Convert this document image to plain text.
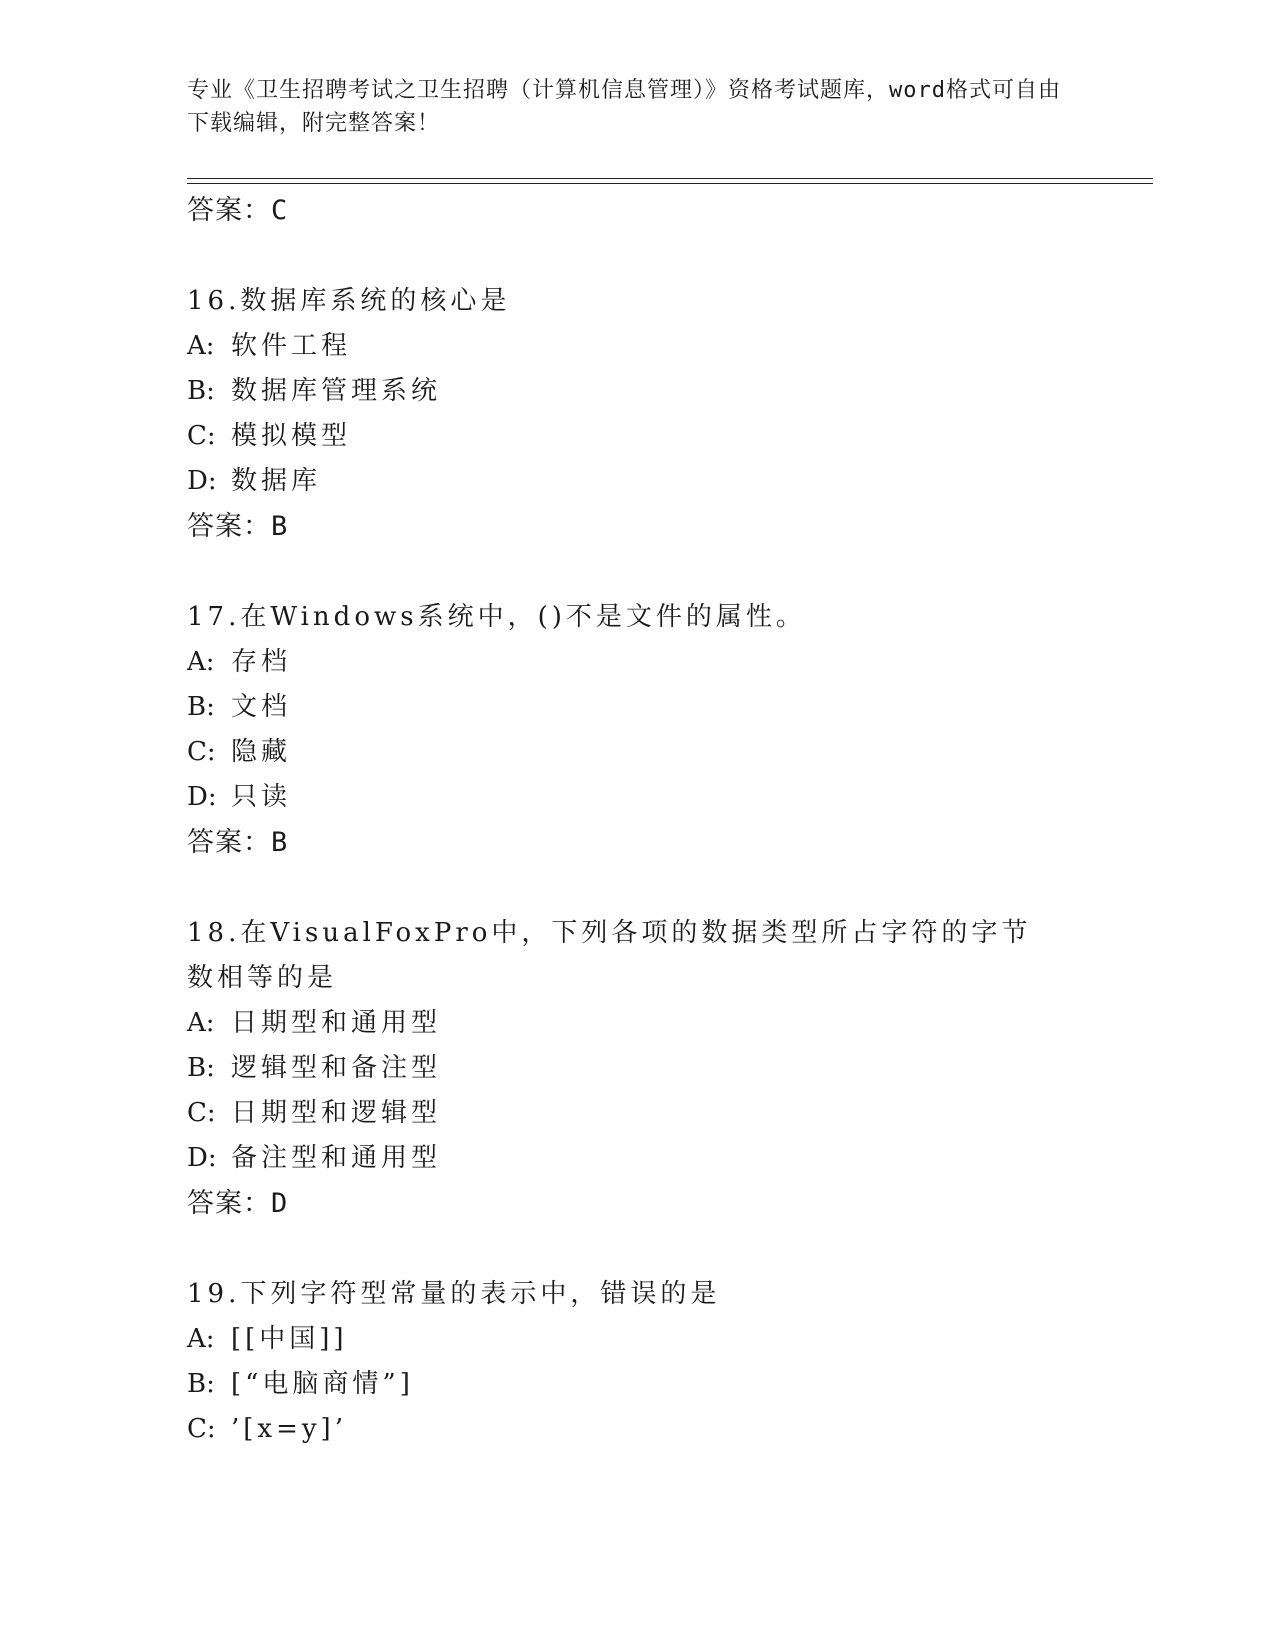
专业《卫生招聘考试之卫生招聘（计算机信息管理）》资格考试题库，word格式可自由下载编辑，附完整答案！
答案：C
16.数据库系统的核心是
A: 软件工程
B: 数据库管理系统
C: 模拟模型
D: 数据库
答案：B
17.在Windows系统中，()不是文件的属性。
A: 存档
B: 文档
C: 隐藏
D: 只读
答案：B
18.在VisualFoxPro中，下列各项的数据类型所占字符的字节数相等的是
A: 日期型和通用型
B: 逻辑型和备注型
C: 日期型和逻辑型
D: 备注型和通用型
答案：D
19.下列字符型常量的表示中，错误的是
A: [[中国]]
B: [“电脑商情”]
C: ’[x=y]’
